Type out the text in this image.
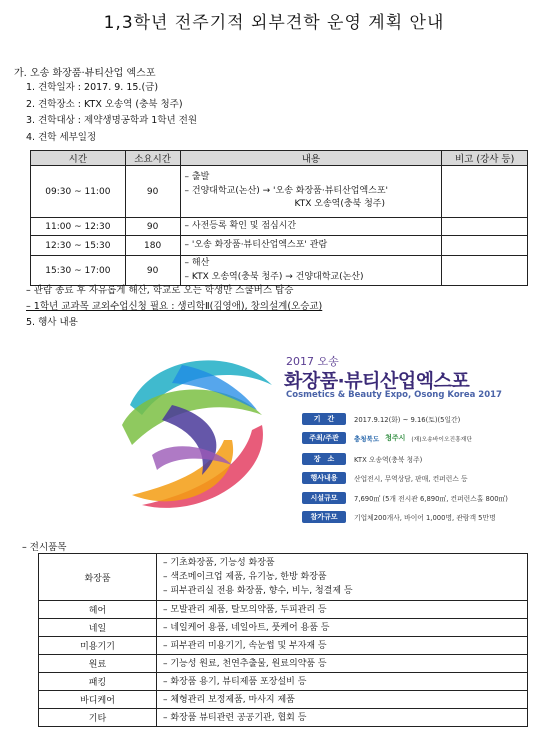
1,3학년 전주기적 외부견학 운영 계획 안내
가. 오송 화장품·뷰티산업 엑스포
1. 견학일자 : 2017. 9. 15.(금)
2. 견학장소 : KTX 오송역 (충북 청주)
3. 견학대상 : 제약생명공학과 1학년 전원
4. 견학 세부일정
시간	소요시간	내용	비고 (강사 등)
09:30 ~ 11:00	90	– 출발
– 건양대학교(논산) → '오송 화장품·뷰티산업엑스포'
KTX 오송역(충북 청주)	

11:00 ~ 12:30	90	– 사전등록 확인 및 점심시간	

12:30 ~ 15:30	180	– '오송 화장품·뷰티산업엑스포' 관람	

15:30 ~ 17:00	90	– 해산
– KTX 오송역(충북 청주) → 건양대학교(논산)	

– 관람 종료 후 자유롭게 해산, 학교로 오는 학생만 스쿨버스 탑승
– 1학년 교과목 교외수업신청 필요 : 생리학Ⅱ(김영애), 창의설계(오승교)
5. 행사 내용
2017 오송
화장품·뷰티산업엑스포
Cosmetics & Beauty Expo, Osong Korea 2017
기　간	2017.9.12(화) ~ 9.16(토)(5일간)
주최/주관 충청북도 청주시 (재)오송바이오진흥재단
장　소	KTX 오송역(충북 청주)
행사내용 산업전시, 무역상담, 판매, 컨퍼런스 등
시설규모 7,690㎡ (5개 전시관 6,890㎡, 컨퍼런스홀 800㎡)
참가규모 기업체200개사, 바이어 1,000명, 관람객 5만명
– 전시품목
화장품	– 기초화장품, 기능성 화장품
– 색조메이크업 제품, 유기농, 한방 화장품
– 피부관리실 전용 화장품, 향수, 비누, 청결제 등

헤어	– 모발관리 제품, 탈모의약품, 두피관리 등
네일	– 네일케어 용품, 네일아트, 풋케어 용품 등
미용기기	– 피부관리 미용기기, 속눈썹 및 부자재 등
원료	– 기능성 원료, 천연추출물, 원료의약품 등
패킹	– 화장품 용기, 뷰티제품 포장설비 등
바디케어	– 체형관리 보정제품, 마사지 제품
기타	– 화장품 뷰티관련 공공기관, 협회 등
